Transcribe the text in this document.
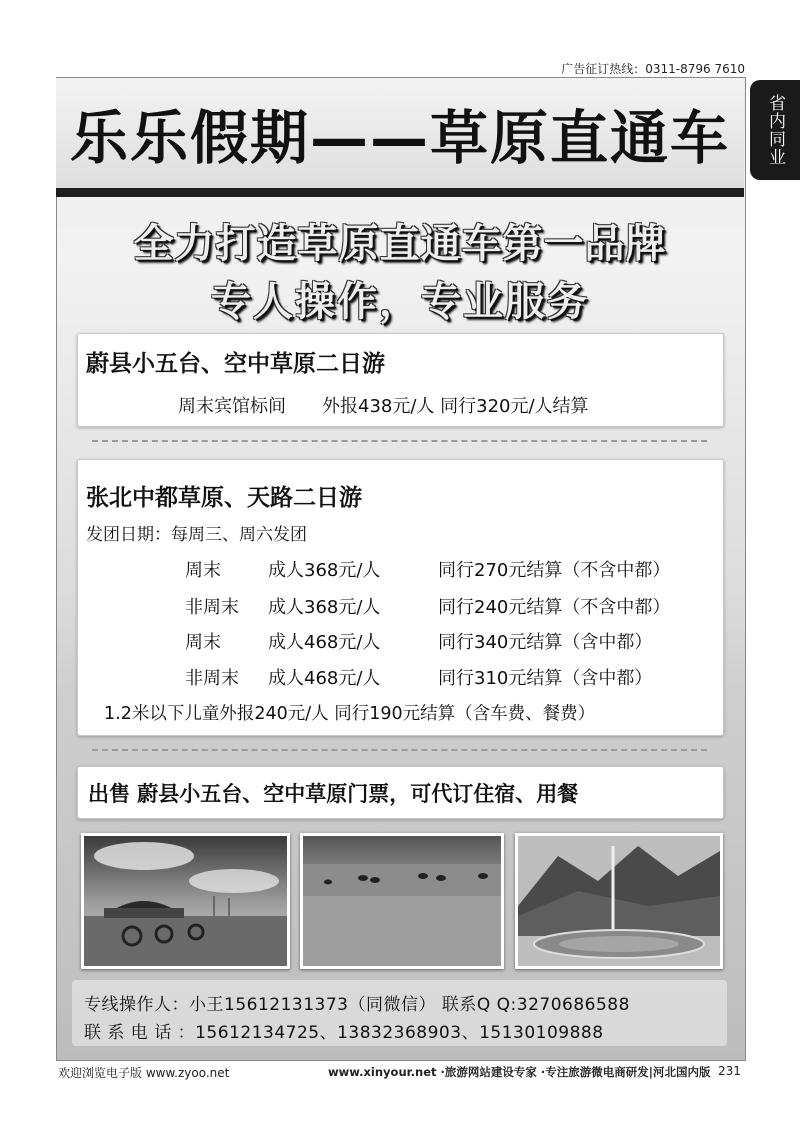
广告征订热线：0311-8796 7610
省内同业
乐乐假期——草原直通车
全力打造草原直通车第一品牌
专人操作，专业服务
蔚县小五台、空中草原二日游
周末宾馆标间　　外报438元/人 同行320元/人结算
张北中都草原、天路二日游
发团日期：每周三、周六发团
周末	成人368元/人	同行270元结算（不含中都）
非周末 成人368元/人	同行240元结算（不含中都）
周末	成人468元/人	同行340元结算（含中都）
非周末 成人468元/人	同行310元结算（含中都）
1.2米以下儿童外报240元/人 同行190元结算（含车费、餐费）
出售 蔚县小五台、空中草原门票，可代订住宿、用餐
专线操作人：小王15612131373（同微信） 联系Q Q:3270686588
联 系 电 话 ：15612134725、13832368903、15130109888
欢迎浏览电子版 www.zyoo.net	www.xinyour.net ·旅游网站建设专家 ·专注旅游微电商研发|河北国内版 231
